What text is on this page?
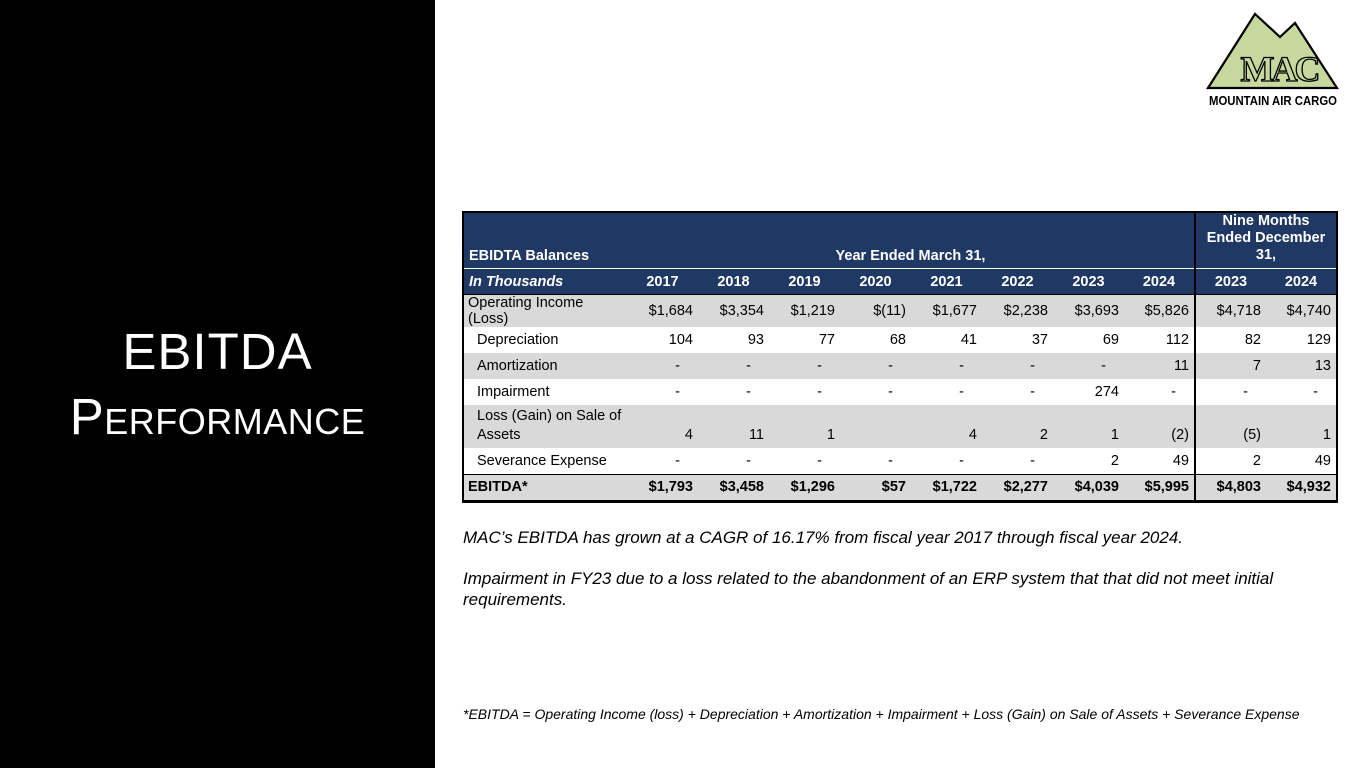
EBITDA
Performance
MAC
MOUNTAIN AIR CARGO
EBIDTA Balances	Year Ended March 31,								Nine Months Ended December 31,	
In Thousands	2017	2018	2019	2020	2021	2022	2023	2024	2023	2024
Operating Income (Loss)	$1,684	$3,354	$1,219	$(11)	$1,677	$2,238	$3,693	$5,826	$4,718	$4,740
Depreciation	104	93	77	68	41	37	69	112	82	129
Amortization	-	-	-	-	-	-	-	11	7	13
Impairment	-	-	-	-	-	-	274	-	-	-
Loss (Gain) on Sale of Assets	4	11	1		4	2	1	(2)	(5)	1
Severance Expense	-	-	-	-	-	-	2	49	2	49
EBITDA*	$1,793	$3,458	$1,296	$57	$1,722	$2,277	$4,039	$5,995	$4,803	$4,932

MAC’s EBITDA has grown at a CAGR of 16.17% from fiscal year 2017 through fiscal year 2024.

Impairment in FY23 due to a loss related to the abandonment of an ERP system that that did not meet initial requirements.

*EBITDA = Operating Income (loss) + Depreciation + Amortization + Impairment + Loss (Gain) on Sale of Assets + Severance Expense
